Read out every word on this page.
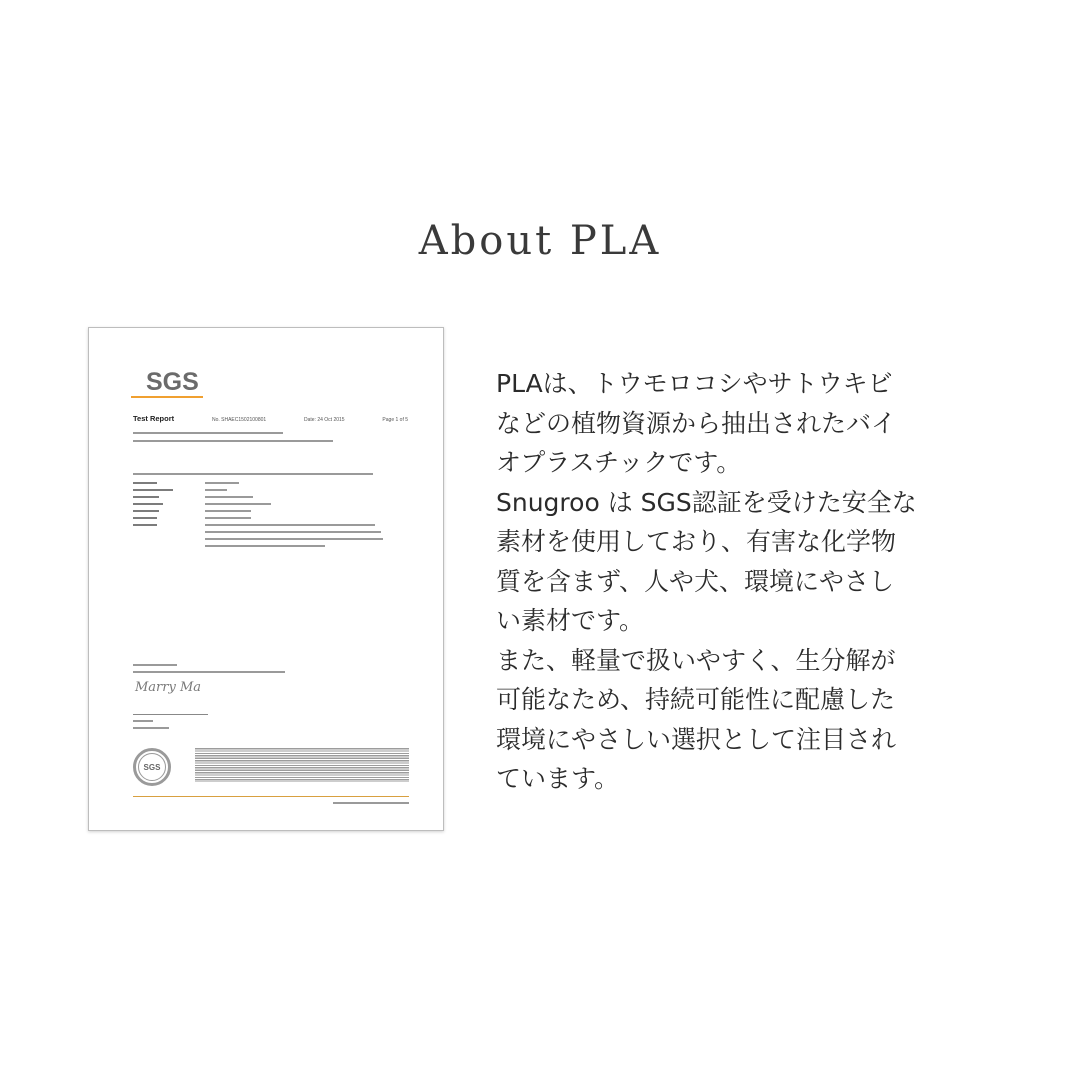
About PLA
SGS
Test Report	No. SHAEC1502100801	Date: 24 Oct 2015	Page 1 of 5
Marry Ma
SGS

PLAは、トウモロコシやサトウキビ
などの植物資源から抽出されたバイ
オプラスチックです。

Snugroo は SGS認証を受けた安全な
素材を使用しており、有害な化学物
質を含まず、人や犬、環境にやさし
い素材です。

また、軽量で扱いやすく、生分解が
可能なため、持続可能性に配慮した
環境にやさしい選択として注目され
ています。
